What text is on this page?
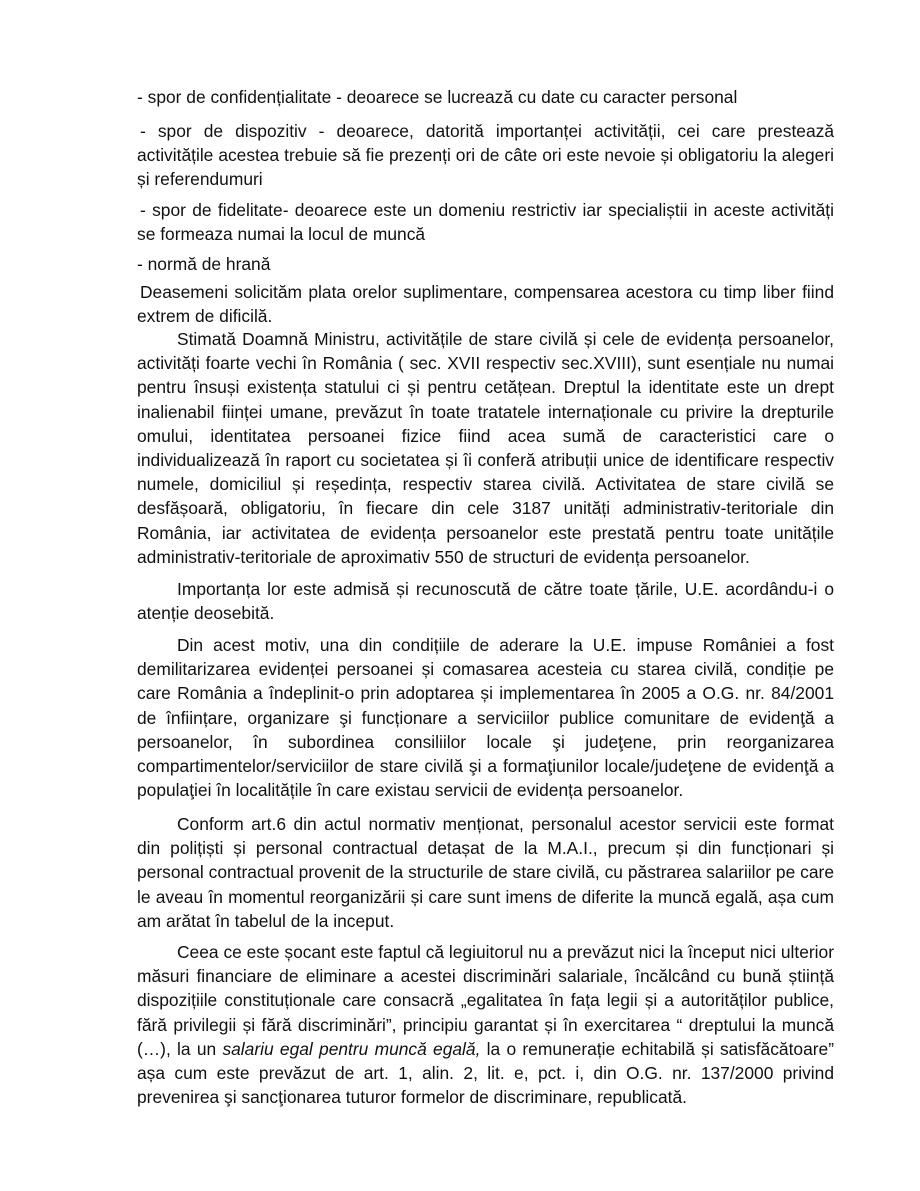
- spor de confidențialitate - deoarece se lucrează cu date cu caracter personal

- spor de dispozitiv - deoarece, datorită importanței activității, cei care prestează activitățile acestea trebuie să fie prezenți ori de câte ori este nevoie și obligatoriu la alegeri și referendumuri

- spor de fidelitate- deoarece este un domeniu restrictiv iar specialiștii in aceste activități se formeaza numai la locul de muncă

- normă de hrană

Deasemeni solicităm plata orelor suplimentare, compensarea acestora cu timp liber fiind extrem de dificilă.

Stimată Doamnă Ministru, activitățile de stare civilă și cele de evidența persoanelor, activități foarte vechi în România ( sec. XVII respectiv sec.XVIII), sunt esențiale nu numai pentru însuși existența statului ci și pentru cetățean. Dreptul la identitate este un drept inalienabil ființei umane, prevăzut în toate tratatele internaționale cu privire la drepturile omului, identitatea persoanei fizice fiind acea sumă de caracteristici care o individualizează în raport cu societatea și îi conferă atribuții unice de identificare respectiv numele, domiciliul și reședința, respectiv starea civilă. Activitatea de stare civilă se desfășoară, obligatoriu, în fiecare din cele 3187 unități administrativ-teritoriale din România, iar activitatea de evidența persoanelor este prestată pentru toate unitățile administrativ-teritoriale de aproximativ 550 de structuri de evidența persoanelor.

Importanța lor este admisă și recunoscută de către toate țările, U.E. acordându-i o atenție deosebită.

Din acest motiv, una din condițiile de aderare la U.E. impuse României a fost demilitarizarea evidenței persoanei și comasarea acesteia cu starea civilă, condiție pe care România a îndeplinit-o prin adoptarea și implementarea în 2005 a O.G. nr. 84/2001 de înființare, organizare şi funcționare a serviciilor publice comunitare de evidenţă a persoanelor, în subordinea consiliilor locale şi judeţene, prin reorganizarea compartimentelor/serviciilor de stare civilă şi a formaţiunilor locale/judeţene de evidenţă a populaţiei în localitățile în care existau servicii de evidența persoanelor.

Conform art.6 din actul normativ menționat, personalul acestor servicii este format din polițiști și personal contractual detașat de la M.A.I., precum și din funcționari și personal contractual provenit de la structurile de stare civilă, cu păstrarea salariilor pe care le aveau în momentul reorganizării și care sunt imens de diferite la muncă egală, așa cum am arătat în tabelul de la inceput.

Ceea ce este șocant este faptul că legiuitorul nu a prevăzut nici la început nici ulterior măsuri financiare de eliminare a acestei discriminări salariale, încălcând cu bună știință dispozițiile constituționale care consacră „egalitatea în fața legii și a autorităților publice, fără privilegii și fără discriminări”, principiu garantat și în exercitarea “ dreptului la muncă (…), la un salariu egal pentru muncă egală, la o remunerație echitabilă și satisfăcătoare” așa cum este prevăzut de art. 1, alin. 2, lit. e, pct. i, din O.G. nr. 137/2000 privind prevenirea şi sancţionarea tuturor formelor de discriminare, republicată.
